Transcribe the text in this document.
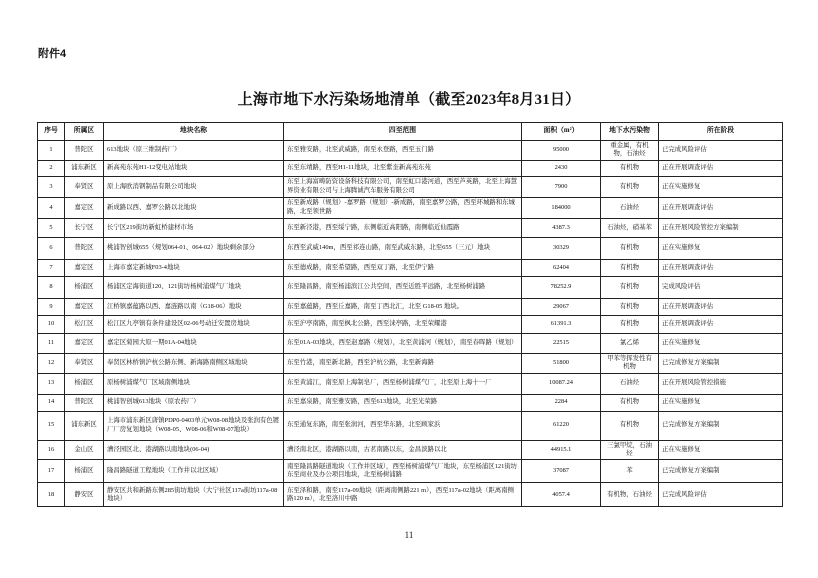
附件4
上海市地下水污染场地清单（截至2023年8月31日）
序号	所属区	地块名称	四至范围	面积（m²）	地下水污染物	所在阶段
1	普陀区	613地块（原三维制药厂）	东至雅安路，北至武威路，南至永登路，西至玉门路	95000	重金属，有机物，石油烃	已完成风险评估
2	浦东新区	新高苑东苑H1-12变电站地块	东至东靖路，西至H1-11地块，北至紫奎新高苑东苑	2430	有机物	正在开展调查评估
3	奉贤区	原上海欧消钢制品有限公司地块	东至上海富畴防资设备科技有限公司，南至虹口港河道，西至芦英路，北至上海慧界资业有限公司与上海腾诚汽车服务有限公司	7900	有机物	正在实施修复
4	嘉定区	新成路以西、嘉罗公路以北地块	东至新成路（规划）-嘉罗路（规划）-新成路，南至嘉罗公路，西至环城路和东城路，北至领世路	184000	石油烃	正在开展调查评估
5	长宁区	长宁区219街坊新虹桥建材市场	东至新泾港，西至绥宁路，东侧临近高阳路，南侧临近仙霞路	4387.3	石油烃，硝基苯	正在开展风险管控方案编制
6	普陀区	桃浦智创城655（规划064-01、064-02）地块剩余部分	东西至武威140m，西至祁连山路，南至武威东路，北至655（三元）地块	30329	有机物	正在实施修复
7	嘉定区	上海市嘉定新城F03-4地块	东至德成路，南至希望路，西至双丁路，北至伊宁路	62404	有机物	正在开展调查评估
8	杨浦区	杨浦区定海街道120、121街坊杨树浦煤气厂地块	东至隆昌路，南至杨浦滨江公共空间，西至近胜平远路，北至杨树浦路	78252.9	有机物	完成风险评估
9	嘉定区	江桥镇嘉蕴路以西、嘉涟路以南（G18-06）地块	东至嘉蕴路，西至丘嘉路，南至丁西北汇，北至 G18-05 地块。	29067	有机物	正在开展调查评估
10	松江区	松江区九亭镇有条件建设区02-06号动迁安置房地块	东至沪亭南路，南至枫北公路，西至涞亭路，北至荣耀港	61391.3	有机物	正在开展调查评估
11	嘉定区	嘉定区菊园大原一期01A-04地块	东至01A-03地块，西至赵嘉路（规划），北至黄浦河（规划），南至春晖路（规划）	22515	氯乙烯	正在实施修复
12	奉贤区	奉贤区林桥镇沪杭公路东侧、新海路南侧区域地块	东至竹港，南至新北路，西至沪杭公路，北至新海路	51800	甲苯等挥发性有机物	已完成修复方案编制
13	杨浦区	原杨树浦煤气厂区域南侧地块	东至黄浦江，南至原上海制皂厂，西至杨树浦煤气厂，北至原上海十一厂	10087.24	石油烃	正在开展风险管控措施
14	普陀区	桃浦智创城613地块（原农药厂）	东至嘉泉路，南至雅安路，西至613地块，北至光荣路	2284	有机物	正在实施修复
15	浦东新区	上海市浦东新区唐镇PDP0-0403单元W08-08地块及张润有色镀厂厂房复划地块（W08-05、W08-06和W08-07地块）	东至通复东路，南至张润河，西至华东路，北至顾家浜	61220	有机物	已完成修复方案编制
16	金山区	漕泾园区北、港湖路以南地块(06-04)	漕泾南北区，港湖路以南，古茗南路以东，金昌滨路以北	44915.1	三氯甲烷，石油烃	正在实施修复
17	杨浦区	隆昌路隧道工程地块（工作井以北区域）	南至隆昌路隧道地块（工作井区域），西至杨树浦煤气厂地块，东至杨浦区121街坊东至商业及办公项目地块，北至杨树浦路	37087	苯	已完成修复方案编制
18	静安区	静安区共和新路东侧285街坊地块（大宁社区117a街坊117a-08地块）	东至泽和路，南至117a-09地块（距离南侧路221 m），西至117a-02地块（距离南侧路120 m），北至洛川中路	4057.4	有机物，石油烃	已完成风险评估
11
